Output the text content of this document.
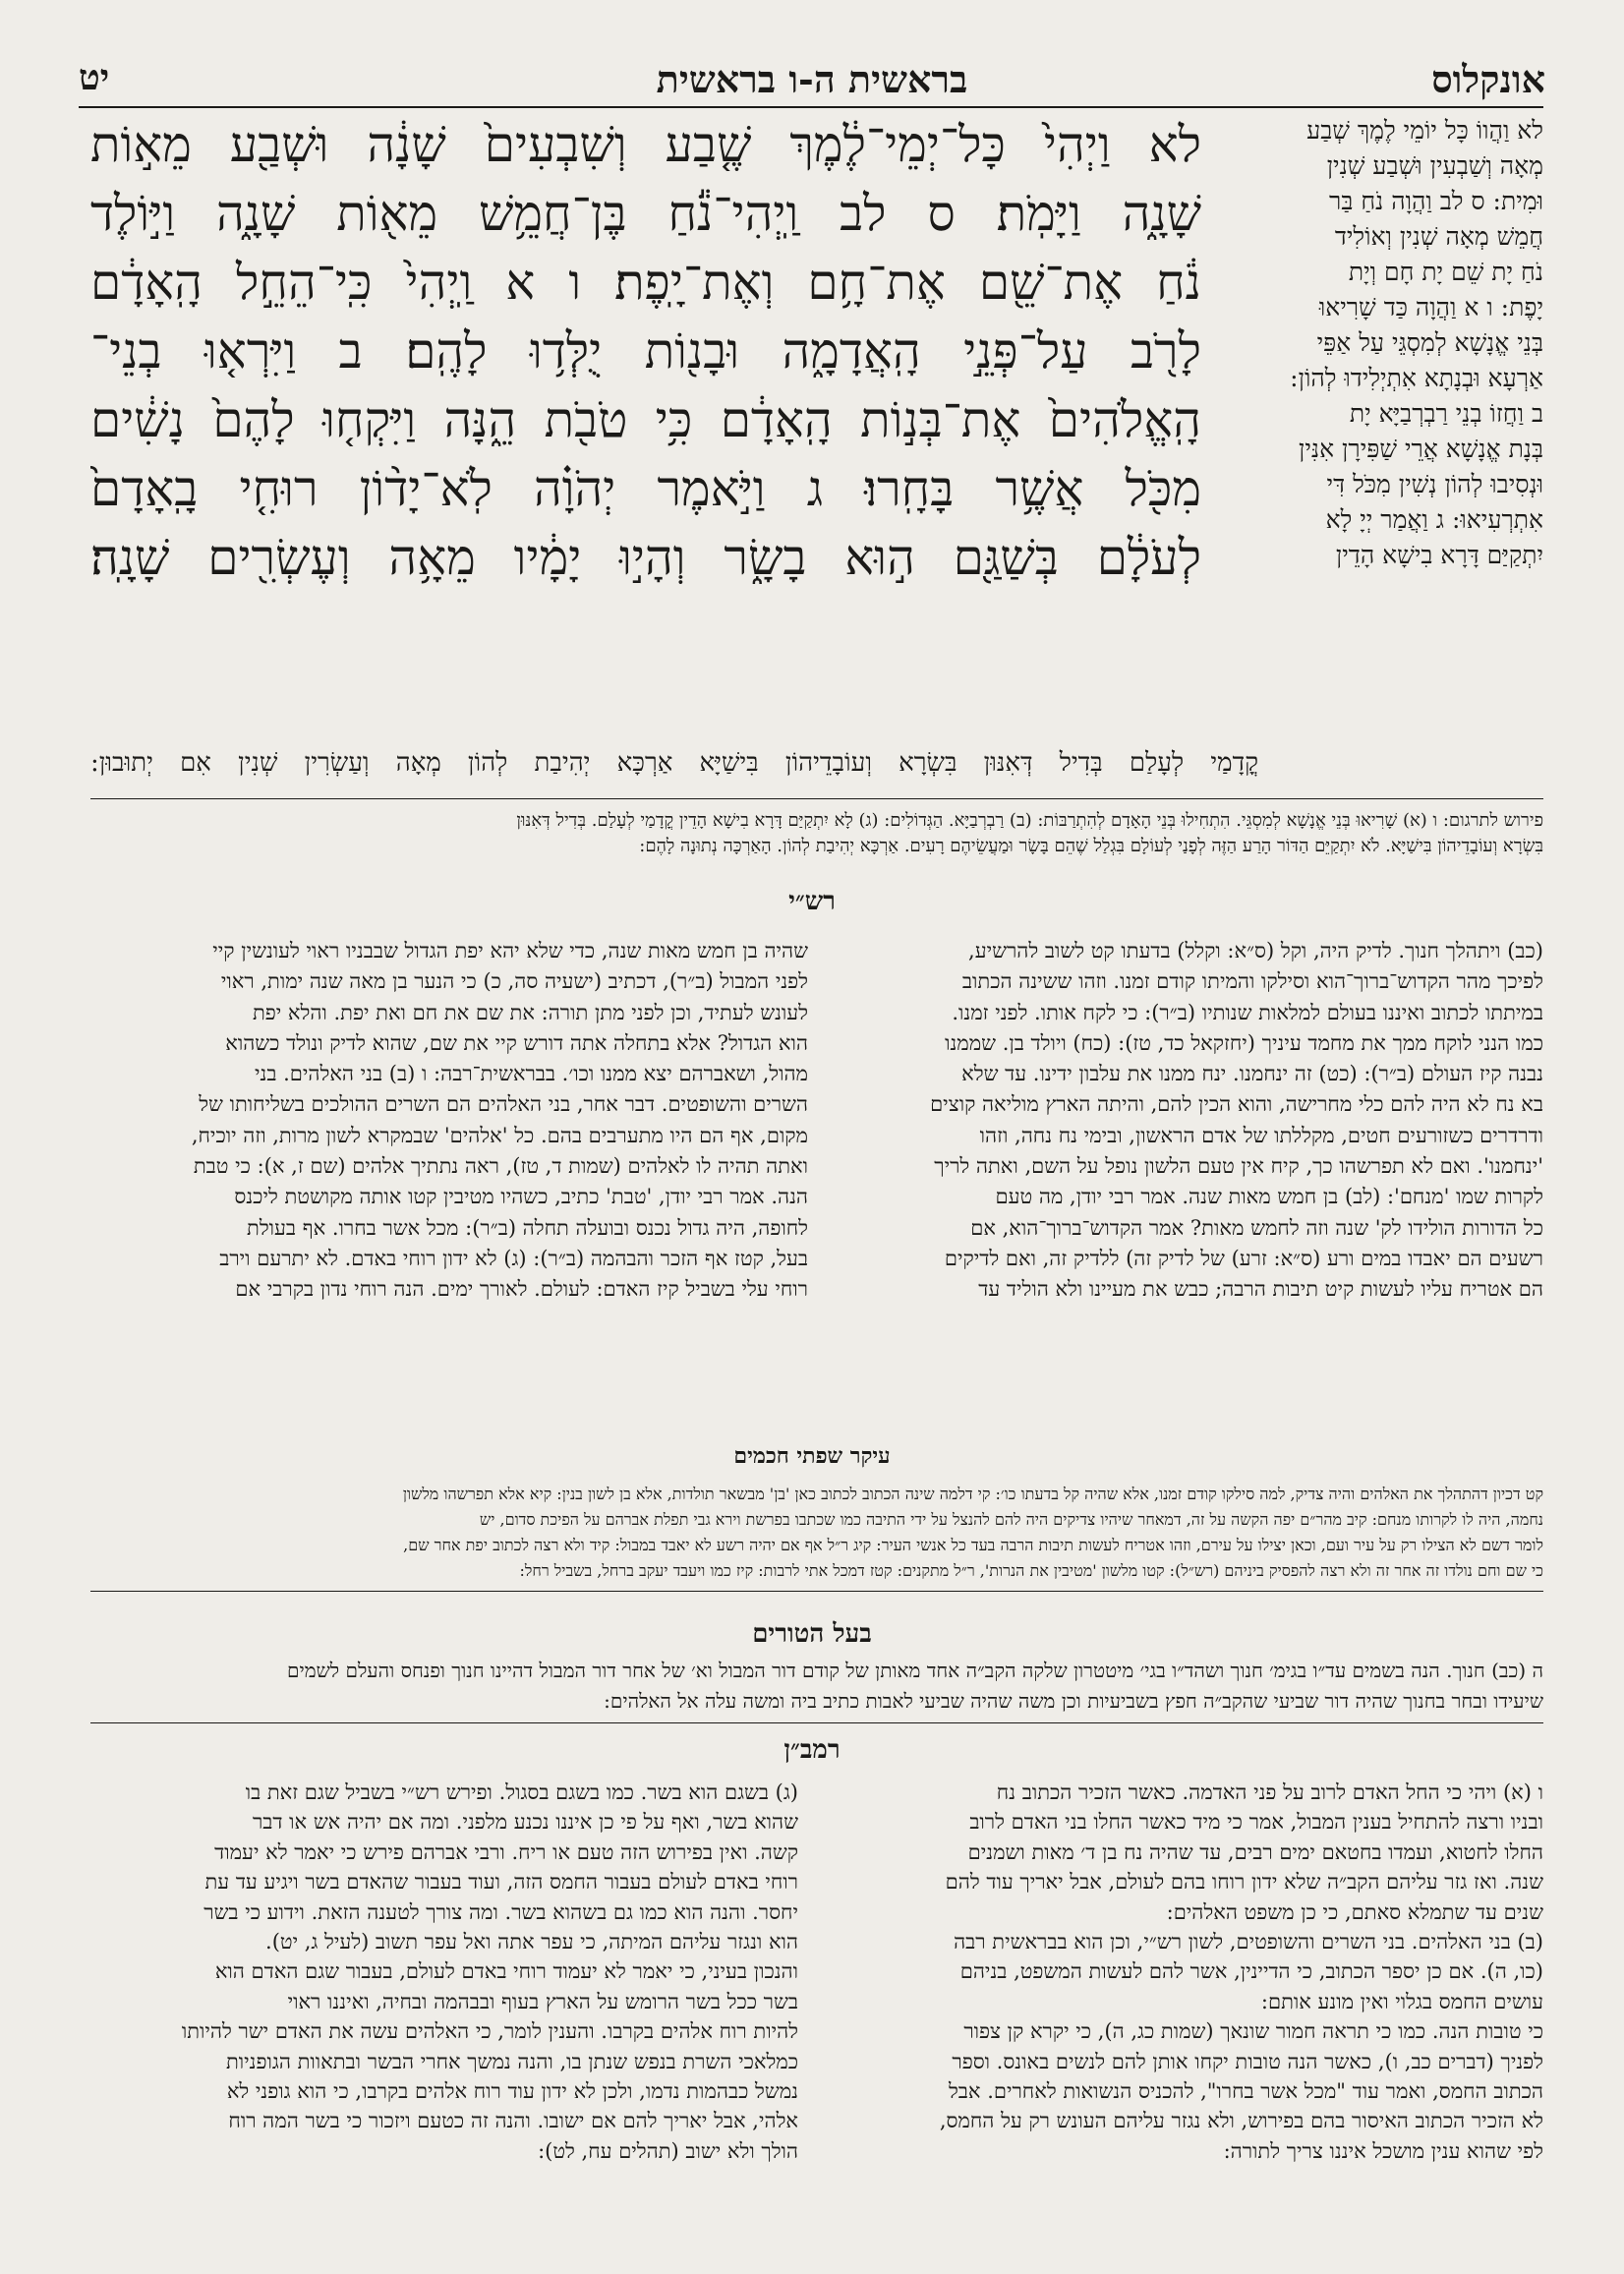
אונקלוס
בראשית ה-ו בראשית
יט
לא וַהֲווֹ כָּל יוֹמֵי לֶמֶךְ שְׁבַע
מְאָה וְשַׁבְעִין וּשְׁבַע שְׁנִין
וּמִית: ס לב וַהֲוָה נֹחַ בַּר
חֲמֵשׁ מְאָה שְׁנִין וְאוֹלִיד
נֹחַ יָת שֵׁם יָת חָם וְיָת
יָפֶת: ו א וַהֲוָה כַּד שָׁרִיאוּ
בְּנֵי אֱנָשָׁא לְמִסְגֵּי עַל אַפֵּי
אַרְעָא וּבְנָתָא אִתְיְלִידוּ לְהוֹן:
ב וַחֲזוֹ בְנֵי רַבְרְבַיָּא יָת
בְּנָת אֱנָשָׁא אֲרֵי שַׁפִּירָן אִנִּין
וּנְסִיבוּ לְהוֹן נְשִׁין מִכֹּל דִּי
אִתְרְעִיאוּ: ג וַאֲמַר יְיָ לָא
יִתְקַיַּם דָּרָא בִישָׁא הָדֵין
לא וַיְהִי֙ כָּל־יְמֵי־לֶ֔מֶךְ שֶׁ֤בַע וְשִׁבְעִים֙ שָׁנָ֔ה וּשְׁבַ֖ע מֵא֣וֹת
שָׁנָ֑ה וַיָּמֹֽת׃ ס לב וַֽיְהִי־נֹ֕חַ בֶּן־חֲמֵ֥שׁ מֵא֖וֹת שָׁנָ֑ה וַיּ֣וֹלֶד
נֹ֔חַ אֶת־שֵׁ֖ם אֶת־חָ֥ם וְאֶת־יָֽפֶת׃ ו א וַֽיְהִי֙ כִּֽי־הֵחֵ֣ל הָֽאָדָ֔ם
לָרֹ֖ב עַל־פְּנֵ֣י הָֽאֲדָמָ֑ה וּבָנ֖וֹת יֻלְּד֥וּ לָהֶֽם׃ ב וַיִּרְא֤וּ בְנֵי־
הָֽאֱלֹהִים֙ אֶת־בְּנ֣וֹת הָֽאָדָ֔ם כִּ֥י טֹבֹ֖ת הֵ֑נָּה וַיִּקְח֤וּ לָהֶם֙ נָשִׁ֔ים
מִכֹּ֖ל אֲשֶׁ֥ר בָּחָֽרוּ׃ ג וַיֹּ֣אמֶר יְהֹוָ֗ה לֹֽא־יָד֨וֹן רוּחִ֤י בָֽאָדָם֙
לְעֹלָ֔ם בְּשַׁגַּ֖ם ה֣וּא בָשָׂ֑ר וְהָי֣וּ יָמָ֔יו מֵאָ֥ה וְעֶשְׂרִ֖ים שָׁנָֽה׃
קֳדָמַי לְעָלַם בְּדִיל דְּאִנּוּן בִּשְׂרָא וְעוֹבָדֵיהוֹן בִּישַׁיָּא אַרְכָּא יְהִיבַת לְהוֹן מְאָה וְעַשְׂרִין שְׁנִין אִם יְתוּבוּן:
פירוש לתרגום: ו (א) שָׁרִיאוּ בְּנֵי אֱנָשָׁא לְמִסְגֵּי. הִתְחִילוּ בְּנֵי הָאָדָם לְהִתְרַבּוֹת: (ב) רַבְרְבַיָּא. הַגְּדוֹלִים: (ג) לָא יִתְקַיַּם דָּרָא בִישָׁא הָדֵין קֳדָמַי לְעָלַם. בְּדִיל דְּאִנּוּן
בִּשְׂרָא וְעוֹבָדֵיהוֹן בִּישַׁיָּא. לֹא יִתְקַיֵּם הַדּוֹר הָרַע הַזֶּה לְפָנַי לְעוֹלָם בִּגְלַל שֶׁהֵם בָּשָׂר וּמַעֲשֵׂיהֶם רָעִים. אַרְכָּא יְהִיבַת לְהוֹן. הָאַרְכָּה נְתוּנָה לָהֶם:
רש״י
(כב) ויתהלך חנוך. לדיק היה, וקל (ס״א: וקלל) בדעתו קט לשוב להרשיע,
לפיכך מהר הקדוש־ברוך־הוא וסילקו והמיתו קודם זמנו. וזהו ששינה הכתוב
במיתתו לכתוב ואיננו בעולם למלאות שנותיו (ב״ר): כי לקח אותו. לפני זמנו.
כמו הנני לוקח ממך את מחמד עיניך (יחזקאל כד, טז): (כח) ויולד בן. שממנו
נבנה קיז העולם (ב״ר): (כט) זה ינחמנו. ינח ממנו את עלבון ידינו. עד שלא
בא נח לא היה להם כלי מחרישה, והוא הכין להם, והיתה הארץ מוליאה קוצים
ודרדרים כשזורעים חטים, מקללתו של אדם הראשון, ובימי נח נחה, וזהו
'ינחמנו'. ואם לא תפרשהו כך, קיח אין טעם הלשון נופל על השם, ואתה לריך
לקרות שמו 'מנחם': (לב) בן חמש מאות שנה. אמר רבי יודן, מה טעם
כל הדורות הולידו לק' שנה וזה לחמש מאות? אמר הקדוש־ברוך־הוא, אם
רשעים הם יאבדו במים ורע (ס״א: זרע) של לדיק זה) ללדיק זה, ואם לדיקים
הם אטריח עליו לעשות קיט תיבות הרבה; כבש את מעיינו ולא הוליד עד
שהיה בן חמש מאות שנה, כדי שלא יהא יפת הגדול שבבניו ראוי לעונשין קיי
לפני המבול (ב״ר), דכתיב (ישעיה סה, כ) כי הנער בן מאה שנה ימות, ראוי
לעונש לעתיד, וכן לפני מתן תורה: את שם את חם ואת יפת. והלא יפת
הוא הגדול? אלא בתחלה אתה דורש קיי את שם, שהוא לדיק ונולד כשהוא
מהול, ושאברהם יצא ממנו וכו׳. בבראשית־רבה: ו (ב) בני האלהים. בני
השרים והשופטים. דבר אחר, בני האלהים הם השרים ההולכים בשליחותו של
מקום, אף הם היו מתערבים בהם. כל 'אלהים' שבמקרא לשון מרות, וזה יוכיח,
ואתה תהיה לו לאלהים (שמות ד, טז), ראה נתתיך אלהים (שם ז, א): כי טבת
הנה. אמר רבי יודן, 'טבת' כתיב, כשהיו מטיבין קטו אותה מקושטת ליכנס
לחופה, היה גדול נכנס ובועלה תחלה (ב״ר): מכל אשר בחרו. אף בעולת
בעל, קטז אף הזכר והבהמה (ב״ר): (ג) לא ידון רוחי באדם. לא יתרעם וירב
רוחי עלי בשביל קיז האדם: לעולם. לאורך ימים. הנה רוחי נדון בקרבי אם
עיקר שפתי חכמים
קט דכיון דהתהלך את האלהים והיה צדיק, למה סילקו קודם זמנו, אלא שהיה קל בדעתו כו׳: קי דלמה שינה הכתוב לכתוב כאן 'בן' מבשאר תולדות, אלא בן לשון בנין: קיא אלא תפרשהו מלשון
נחמה, היה לו לקרותו מנחם: קיב מהר״ם יפה הקשה על זה, דמאחר שיהיו צדיקים היה להם להנצל על ידי התיבה כמו שכתבו בפרשת וירא גבי תפלת אברהם על הפיכת סדום, יש
לומר דשם לא הצילו רק על עיר ועם, וכאן יצילו על עירם, וזהו אטריח לעשות תיבות הרבה בעד כל אנשי העיר: קיג ר״ל אף אם יהיה רשע לא יאבד במבול: קיד ולא רצה לכתוב יפת אחר שם,
כי שם וחם נולדו זה אחר זה ולא רצה להפסיק ביניהם (רש״ל): קטו מלשון 'מטיבין את הנרות', ר״ל מתקנים: קטז דמכל אתי לרבות: קיז כמו ויעבד יעקב ברחל, בשביל רחל:
בעל הטורים
ה (כב) חנוך. הנה בשמים עד״ו בגימ׳ חנוך ושהד״ו בגי׳ מיטטרון שלקה הקב״ה אחד מאותן של קודם דור המבול וא׳ של אחר דור המבול דהיינו חנוך ופנחס והעלם לשמים
שיעידו ובחר בחנוך שהיה דור שביעי שהקב״ה חפץ בשביעיות וכן משה שהיה שביעי לאבות כתיב ביה ומשה עלה אל האלהים:
רמב״ן
ו (א) ויהי כי החל האדם לרוב על פני האדמה. כאשר הזכיר הכתוב נח
ובניו ורצה להתחיל בענין המבול, אמר כי מיד כאשר החלו בני האדם לרוב
החלו לחטוא, ועמדו בחטאם ימים רבים, עד שהיה נח בן ד׳ מאות ושמנים
שנה. ואז גזר עליהם הקב״ה שלא ידון רוחו בהם לעולם, אבל יאריך עוד להם
שנים עד שתמלא סאתם, כי כן משפט האלהים:
(ב) בני האלהים. בני השרים והשופטים, לשון רש״י, וכן הוא בבראשית רבה
(כו, ה). אם כן יספר הכתוב, כי הדיינין, אשר להם לעשות המשפט, בניהם
עושים החמס בגלוי ואין מונע אותם:
כי טובות הנה. כמו כי תראה חמור שונאך (שמות כג, ה), כי יקרא קן צפור
לפניך (דברים כב, ו), כאשר הנה טובות יקחו אותן להם לנשים באונס. וספר
הכתוב החמס, ואמר עוד "מכל אשר בחרו", להכניס הנשואות לאחרים. אבל
לא הזכיר הכתוב האיסור בהם בפירוש, ולא נגזר עליהם העונש רק על החמס,
לפי שהוא ענין מושכל איננו צריך לתורה:
(ג) בשגם הוא בשר. כמו בשגם בסגול. ופירש רש״י בשביל שגם זאת בו
שהוא בשר, ואף על פי כן איננו נכנע מלפני. ומה אם יהיה אש או דבר
קשה. ואין בפירוש הזה טעם או ריח. ורבי אברהם פירש כי יאמר לא יעמוד
רוחי באדם לעולם בעבור החמס הזה, ועוד בעבור שהאדם בשר ויגיע עד עת
יחסר. והנה הוא כמו גם בשהוא בשר. ומה צורך לטענה הזאת. וידוע כי בשר
הוא ונגזר עליהם המיתה, כי עפר אתה ואל עפר תשוב (לעיל ג, יט).
והנכון בעיני, כי יאמר לא יעמוד רוחי באדם לעולם, בעבור שגם האדם הוא
בשר ככל בשר הרומש על הארץ בעוף ובבהמה ובחיה, ואיננו ראוי
להיות רוח אלהים בקרבו. והענין לומר, כי האלהים עשה את האדם ישר להיותו
כמלאכי השרת בנפש שנתן בו, והנה נמשך אחרי הבשר ובתאוות הגופניות
נמשל כבהמות נדמו, ולכן לא ידון עוד רוח אלהים בקרבו, כי הוא גופני לא
אלהי, אבל יאריך להם אם ישובו. והנה זה כטעם ויזכור כי בשר המה רוח
הולך ולא ישוב (תהלים עח, לט):
